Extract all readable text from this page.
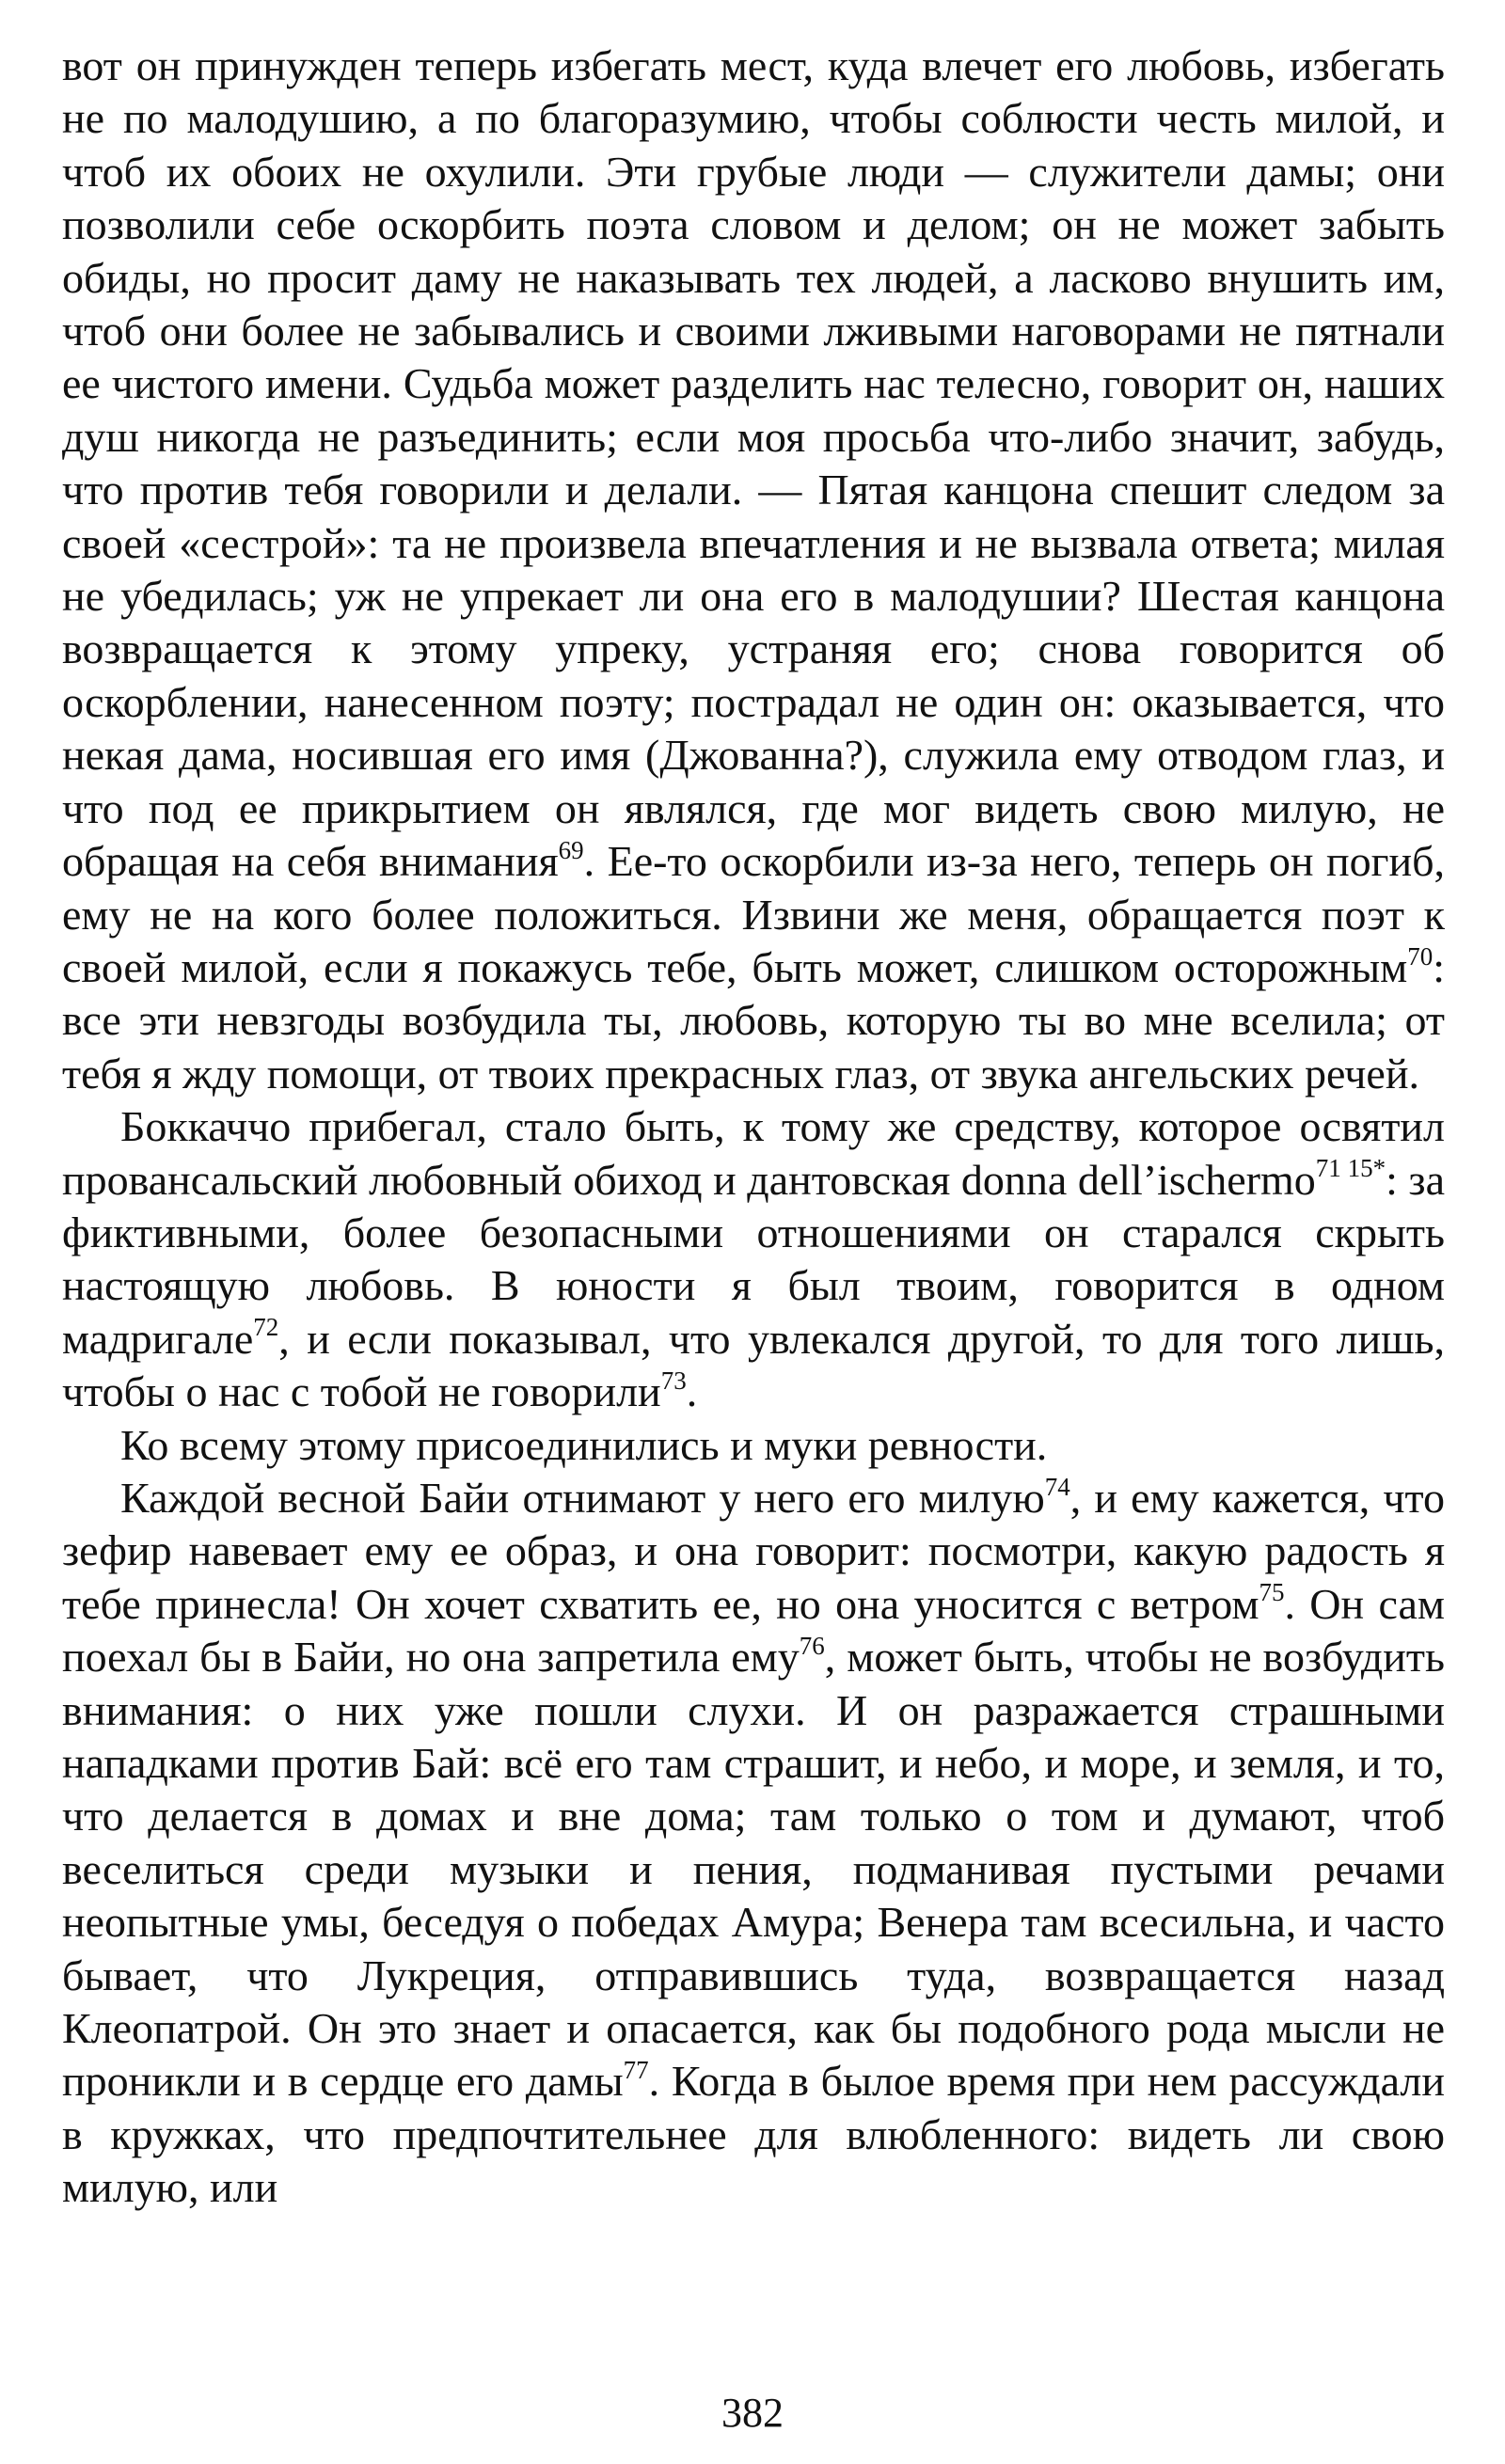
вот он принужден теперь избегать мест, куда влечет его любовь, избегать не по малодушию, а по благоразумию, чтобы соблюсти честь милой, и чтоб их обоих не охулили. Эти грубые люди — служители дамы; они позволили себе оскорбить поэта словом и делом; он не может забыть обиды, но просит даму не наказывать тех людей, а ласково внушить им, чтоб они более не забывались и своими лживыми наговорами не пятнали ее чистого имени. Судьба может разделить нас телесно, говорит он, наших душ никогда не разъединить; если моя просьба что-либо значит, забудь, что против тебя говорили и делали. — Пятая канцона спешит следом за своей «сестрой»: та не произвела впечатления и не вызвала ответа; милая не убедилась; уж не упрекает ли она его в малодушии? Шестая канцона возвращается к этому упреку, устраняя его; снова говорится об оскорблении, нанесенном поэту; пострадал не один он: оказывается, что некая дама, носившая его имя (Джованна?), служила ему отводом глаз, и что под ее прикрытием он являлся, где мог видеть свою милую, не обращая на себя внимания$^{69}$. Ее-то оскорбили из-за него, теперь он погиб, ему не на кого более положиться. Извини же меня, обращается поэт к своей милой, если я покажусь тебе, быть может, слишком осторожным$^{70}$: все эти невзгоды возбудила ты, любовь, которую ты во мне вселила; от тебя я жду помощи, от твоих прекрасных глаз, от звука ангельских речей.

Боккаччо прибегал, стало быть, к тому же средству, которое освятил провансальский любовный обиход и дантовская donna dell’ischermo$^{71 15*}$: за фиктивными, более безопасными отношениями он старался скрыть настоящую любовь. В юности я был твоим, говорится в одном мадригале$^{72}$, и если показывал, что увлекался другой, то для того лишь, чтобы о нас с тобой не говорили$^{73}$.

Ко всему этому присоединились и муки ревности.

Каждой весной Байи отнимают у него его милую$^{74}$, и ему кажется, что зефир навевает ему ее образ, и она говорит: посмотри, какую радость я тебе принесла! Он хочет схватить ее, но она уносится с ветром$^{75}$. Он сам поехал бы в Байи, но она запретила ему$^{76}$, может быть, чтобы не возбудить внимания: о них уже пошли слухи. И он разражается страшными нападками против Бай: всё его там страшит, и небо, и море, и земля, и то, что делается в домах и вне дома; там только о том и думают, чтоб веселиться среди музыки и пения, подманивая пустыми речами неопытные умы, беседуя о победах Амура; Венера там всесильна, и часто бывает, что Лукреция, отправившись туда, возвращается назад Клеопатрой. Он это знает и опасается, как бы подобного рода мысли не проникли и в сердце его дамы$^{77}$. Когда в былое время при нем рассуждали в кружках, что предпочтительнее для влюбленного: видеть ли свою милую, или

382
